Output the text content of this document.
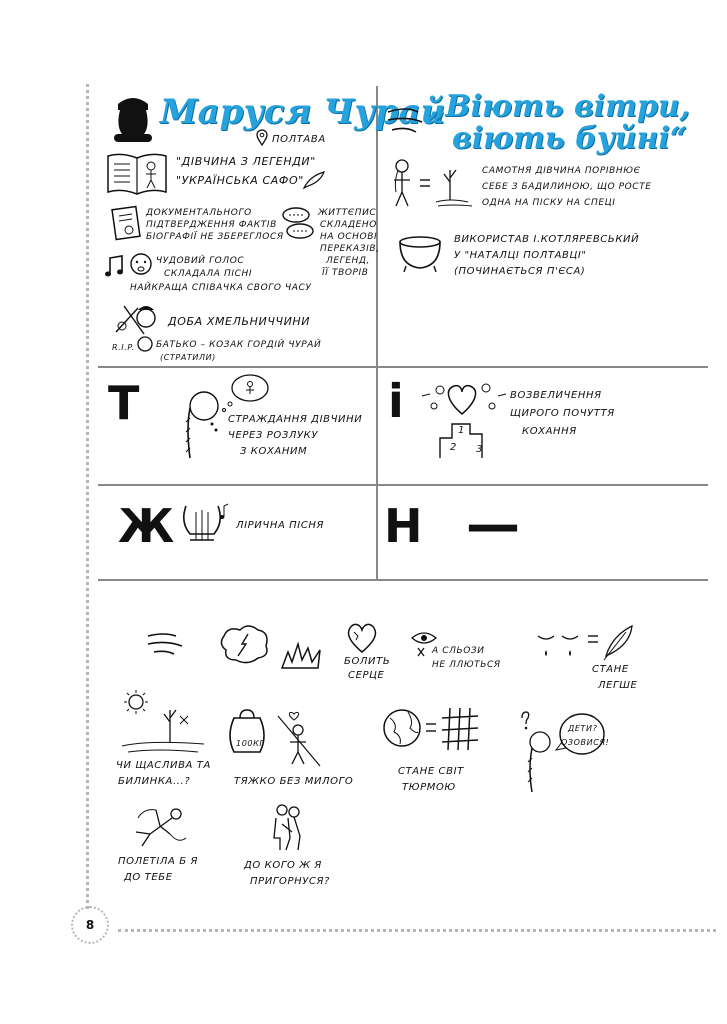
8
Маруся Чурай
ПОЛТАВА
"ДІВЧИНА З ЛЕГЕНДИ"
"УКРАЇНСЬКА САФО"
ДОКУМЕНТАЛЬНОГО
ПІДТВЕРДЖЕННЯ ФАКТІВ
БІОГРАФІЇ НЕ ЗБЕРЕГЛОСЯ
ЖИТТЄПИС
СКЛАДЕНО
НА ОСНОВІ
ПЕРЕКАЗІВ,
ЛЕГЕНД,
ЇЇ ТВОРІВ
ЧУДОВИЙ ГОЛОС
СКЛАДАЛА ПІСНІ
НАЙКРАЩА СПІВАЧКА СВОГО ЧАСУ
ДОБА ХМЕЛЬНИЧЧИНИ
R.I.P. БАТЬКО – КОЗАК ГОРДІЙ ЧУРАЙ
(СТРАТИЛИ)
„Віють вітри,
віють буйні“
САМОТНЯ ДІВЧИНА ПОРІВНЮЄ
СЕБЕ З БАДИЛИНОЮ, ЩО РОСТЕ
ОДНА НА ПІСКУ НА СПЕЦІ
ВИКОРИСТАВ І.КОТЛЯРЕВСЬКИЙ
У "НАТАЛЦІ ПОЛТАВЦІ"
(ПОЧИНАЄТЬСЯ П'ЄСА)
Т	СТРАЖДАННЯ ДІВЧИНИ
ЧЕРЕЗ РОЗЛУКУ
З КОХАНИМ
і
1
2 3
ВОЗВЕЛИЧЕННЯ
ЩИРОГО ПОЧУТТЯ
КОХАННЯ
Ж	ЛІРИЧНА ПІСНЯ Н —
БОЛИТЬ
СЕРЦЕ
А СЛЬОЗИ
НЕ ЛЛЮТЬСЯ	СТАНЕ
ЛЕГШЕ
ЧИ ЩАСЛИВА ТА
БИЛИНКА...?
100КГ
ТЯЖКО БЕЗ МИЛОГО
СТАНЕ СВІТ
ТЮРМОЮ
ДЕТИ?
ОЗОВИСЯ!
ПОЛЕТІЛА Б Я
ДО ТЕБЕ
ДО КОГО Ж Я
ПРИГОРНУСЯ?
